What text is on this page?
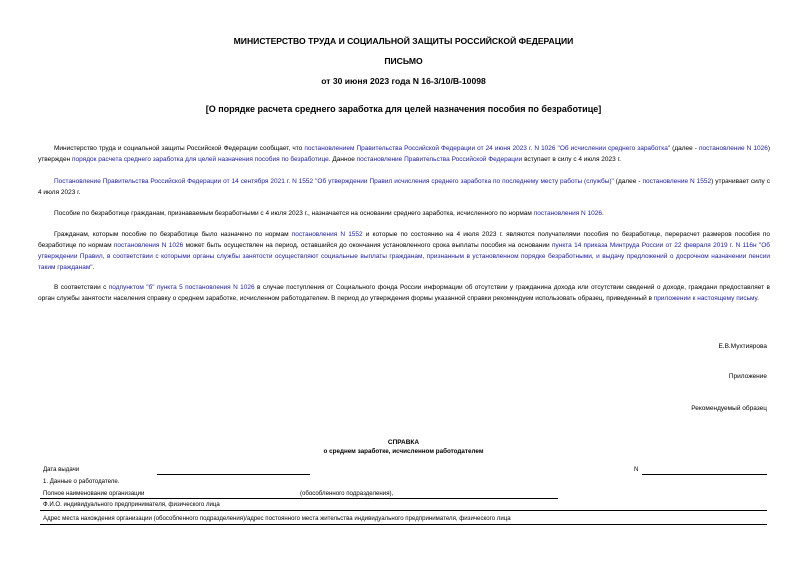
МИНИСТЕРСТВО ТРУДА И СОЦИАЛЬНОЙ ЗАЩИТЫ РОССИЙСКОЙ ФЕДЕРАЦИИ
ПИСЬМО
от 30 июня 2023 года N 16-3/10/В-10098
[О порядке расчета среднего заработка для целей назначения пособия по безработице]
Министерство труда и социальной защиты Российской Федерации сообщает, что постановлением Правительства Российской Федерации от 24 июня 2023 г. N 1026 "Об исчислении среднего заработка" (далее - постановление N 1026) утвержден порядок расчета среднего заработка для целей назначения пособия по безработице. Данное постановление Правительства Российской Федерации вступает в силу с 4 июля 2023 г.
Постановление Правительства Российской Федерации от 14 сентября 2021 г. N 1552 "Об утверждении Правил исчисления среднего заработка по последнему месту работы (службы)" (далее - постановление N 1552) утрачивает силу с 4 июля 2023 г.
Пособие по безработице гражданам, признаваемым безработными с 4 июля 2023 г., назначается на основании среднего заработка, исчисленного по нормам постановления N 1026.
Гражданам, которым пособие по безработице было назначено по нормам постановления N 1552 и которые по состоянию на 4 июля 2023 г. являются получателями пособия по безработице, перерасчет размеров пособия по безработице по нормам постановления N 1026 может быть осуществлен на период, оставшийся до окончания установленного срока выплаты пособия на основании пункта 14 приказа Минтруда России от 22 февраля 2019 г. N 116н "Об утверждении Правил, в соответствии с которыми органы службы занятости осуществляют социальные выплаты гражданам, признанным в установленном порядке безработными, и выдачу предложений о досрочном назначении пенсии таким гражданам".
В соответствии с подпунктом "б" пункта 5 постановления N 1026 в случае поступления от Социального фонда России информации об отсутствии у гражданина дохода или отсутствии сведений о доходе, граждани предоставляет в орган службы занятости населения справку о среднем заработке, исчисленном работодателем. В период до утверждения формы указанной справки рекомендуем использовать образец, приведенный в приложении к настоящему письму.
Е.В.Мухтиярова
Приложение
Рекомендуемый образец
СПРАВКА
о среднем заработке, исчисленном работодателем
Дата выдачи	N
1. Данные о работодателе.
Полное наименование организации	(обособленного подразделения),
Ф.И.О. индивидуального предпринимателя, физического лица
Адрес места нахождения организации (обособленного подразделения)/адрес постоянного места жительства индивидуального предпринимателя, физического лица
